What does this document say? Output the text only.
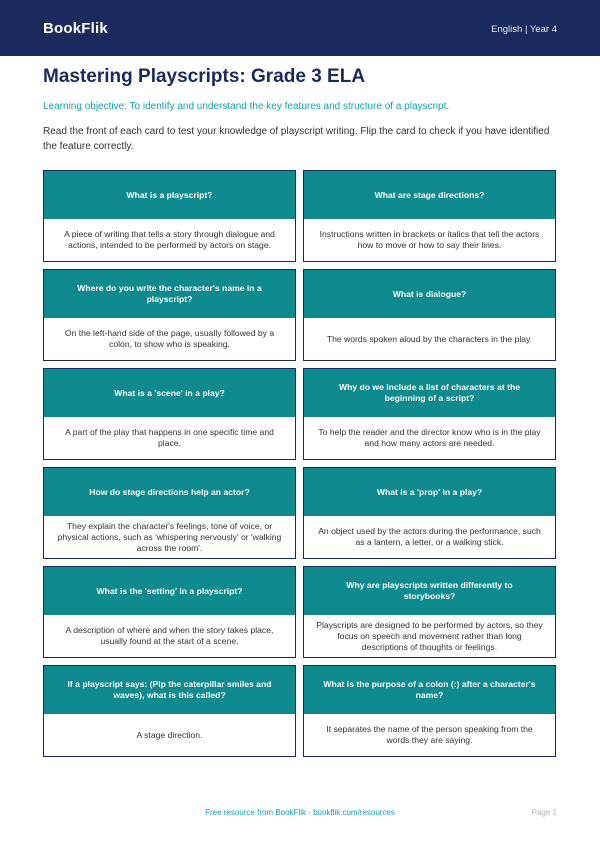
BookFlik	English | Year 4
Mastering Playscripts: Grade 3 ELA

Learning objective: To identify and understand the key features and structure of a playscript.

Read the front of each card to test your knowledge of playscript writing. Flip the card to check if you have identified the feature correctly.

What is a playscript?
A piece of writing that tells a story through dialogue and actions, intended to be performed by actors on stage.
What are stage directions?
Instructions written in brackets or italics that tell the actors how to move or how to say their lines.
Where do you write the character's name in a playscript?
On the left-hand side of the page, usually followed by a colon, to show who is speaking.
What is dialogue?
The words spoken aloud by the characters in the play.
What is a 'scene' in a play?
A part of the play that happens in one specific time and place.
Why do we include a list of characters at the beginning of a script?
To help the reader and the director know who is in the play and how many actors are needed.
How do stage directions help an actor?
They explain the character's feelings, tone of voice, or physical actions, such as 'whispering nervously' or 'walking across the room'.
What is a 'prop' in a play?
An object used by the actors during the performance, such as a lantern, a letter, or a walking stick.
What is the 'setting' in a playscript?
A description of where and when the story takes place, usually found at the start of a scene.
Why are playscripts written differently to storybooks?
Playscripts are designed to be performed by actors, so they focus on speech and movement rather than long descriptions of thoughts or feelings.
If a playscript says: (Pip the caterpillar smiles and waves), what is this called?
A stage direction.
What is the purpose of a colon (:) after a character's name?
It separates the name of the person speaking from the words they are saying.
Free resource from BookFlik · bookflik.com/resources	Page 1
